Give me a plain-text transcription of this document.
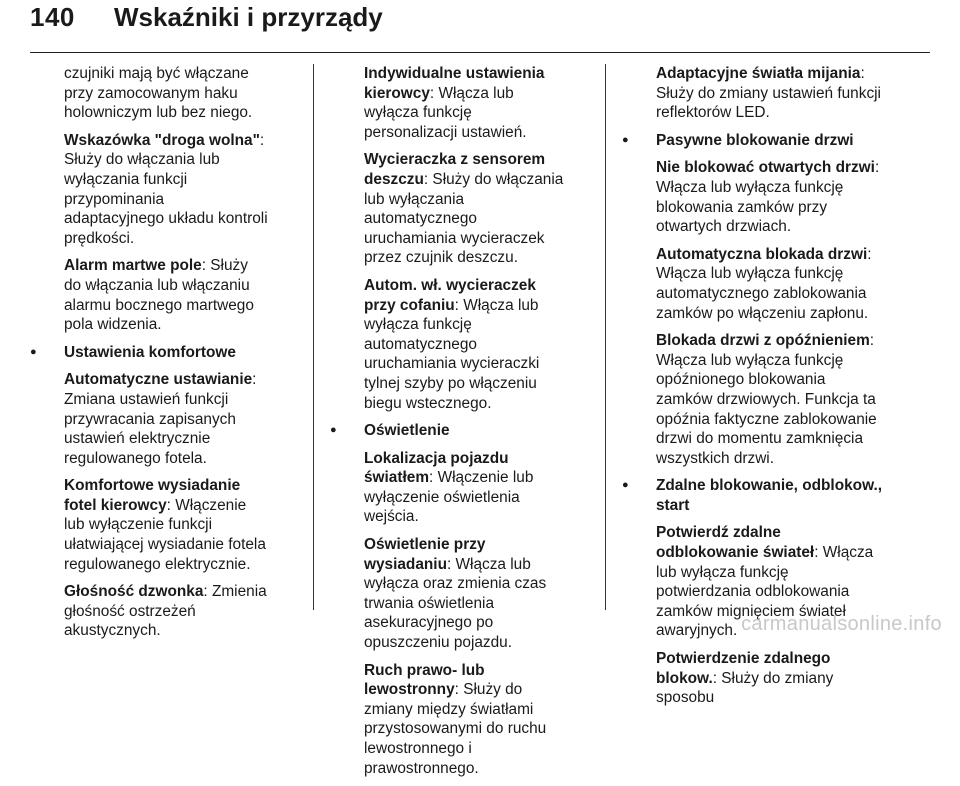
140 Wskaźniki i przyrządy

czujniki mają być włączane przy zamocowanym haku holowniczym lub bez niego.

Wskazówka "droga wolna": Służy do włączania lub wyłączania funkcji przypominania adaptacyjnego układu kontroli prędkości.

Alarm martwe pole: Służy do włączania lub włączaniu alarmu bocznego martwego pola widzenia.

● Ustawienia komfortowe

Automatyczne ustawianie: Zmiana ustawień funkcji przywracania zapisanych ustawień elektrycznie regulowanego fotela.

Komfortowe wysiadanie fotel kierowcy: Włączenie lub wyłączenie funkcji ułatwiającej wysiadanie fotela regulowanego elektrycznie.

Głośność dzwonka: Zmienia głośność ostrzeżeń akustycznych.

Indywidualne ustawienia kierowcy: Włącza lub wyłącza funkcję personalizacji ustawień.

Wycieraczka z sensorem deszczu: Służy do włączania lub wyłączania automatycznego uruchamiania wycieraczek przez czujnik deszczu.

Autom. wł. wycieraczek przy cofaniu: Włącza lub wyłącza funkcję automatycznego uruchamiania wycieraczki tylnej szyby po włączeniu biegu wstecznego.

● Oświetlenie

Lokalizacja pojazdu światłem: Włączenie lub wyłączenie oświetlenia wejścia.

Oświetlenie przy wysiadaniu: Włącza lub wyłącza oraz zmienia czas trwania oświetlenia asekuracyjnego po opuszczeniu pojazdu.

Ruch prawo- lub lewostronny: Służy do zmiany między światłami przystosowanymi do ruchu lewostronnego i prawostronnego.

Adaptacyjne światła mijania: Służy do zmiany ustawień funkcji reflektorów LED.

● Pasywne blokowanie drzwi

Nie blokować otwartych drzwi: Włącza lub wyłącza funkcję blokowania zamków przy otwartych drzwiach.

Automatyczna blokada drzwi: Włącza lub wyłącza funkcję automatycznego zablokowania zamków po włączeniu zapłonu.

Blokada drzwi z opóźnieniem: Włącza lub wyłącza funkcję opóźnionego blokowania zamków drzwiowych. Funkcja ta opóźnia faktyczne zablokowanie drzwi do momentu zamknięcia wszystkich drzwi.

● Zdalne blokowanie, odblokow., start

Potwierdź zdalne odblokowanie świateł: Włącza lub wyłącza funkcję potwierdzania odblokowania zamków mignięciem świateł awaryjnych.

Potwierdzenie zdalnego blokow.: Służy do zmiany sposobu

carmanualsonline.info
